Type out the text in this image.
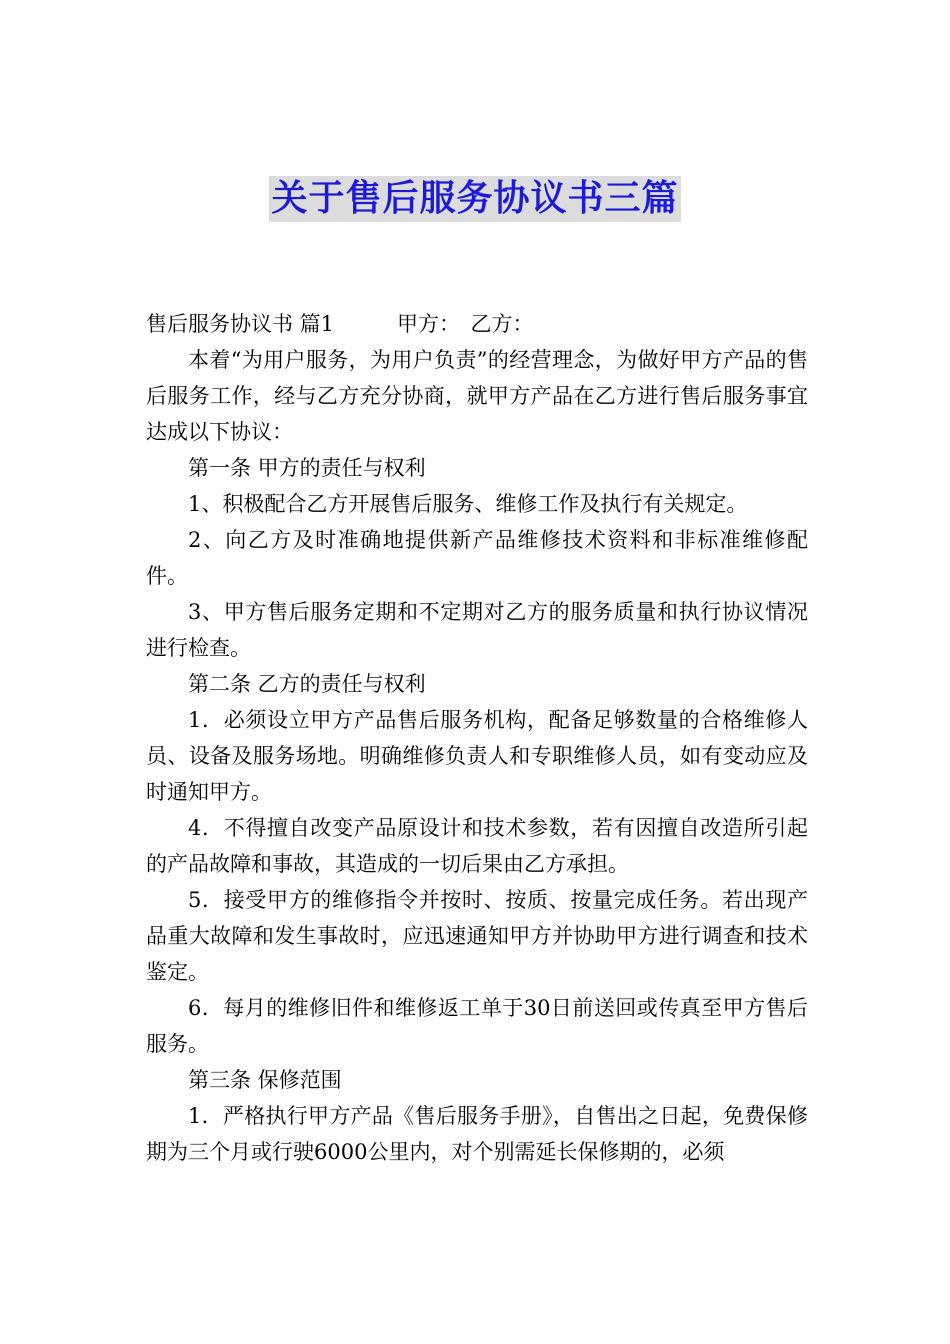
关于售后服务协议书三篇

售后服务协议书 篇1　　　甲方：　乙方：

本着“为用户服务，为用户负责”的经营理念，为做好甲方产品的售后服务工作，经与乙方充分协商，就甲方产品在乙方进行售后服务事宜达成以下协议：

第一条 甲方的责任与权利

1、积极配合乙方开展售后服务、维修工作及执行有关规定。

2、向乙方及时准确地提供新产品维修技术资料和非标准维修配件。

3、甲方售后服务定期和不定期对乙方的服务质量和执行协议情况进行检查。

第二条 乙方的责任与权利

1．必须设立甲方产品售后服务机构，配备足够数量的合格维修人员、设备及服务场地。明确维修负责人和专职维修人员，如有变动应及时通知甲方。

4．不得擅自改变产品原设计和技术参数，若有因擅自改造所引起的产品故障和事故，其造成的一切后果由乙方承担。

5．接受甲方的维修指令并按时、按质、按量完成任务。若出现产品重大故障和发生事故时，应迅速通知甲方并协助甲方进行调查和技术鉴定。

6．每月的维修旧件和维修返工单于30日前送回或传真至甲方售后服务。

第三条 保修范围

1．严格执行甲方产品《售后服务手册》，自售出之日起，免费保修期为三个月或行驶6000公里内，对个别需延长保修期的，必须
